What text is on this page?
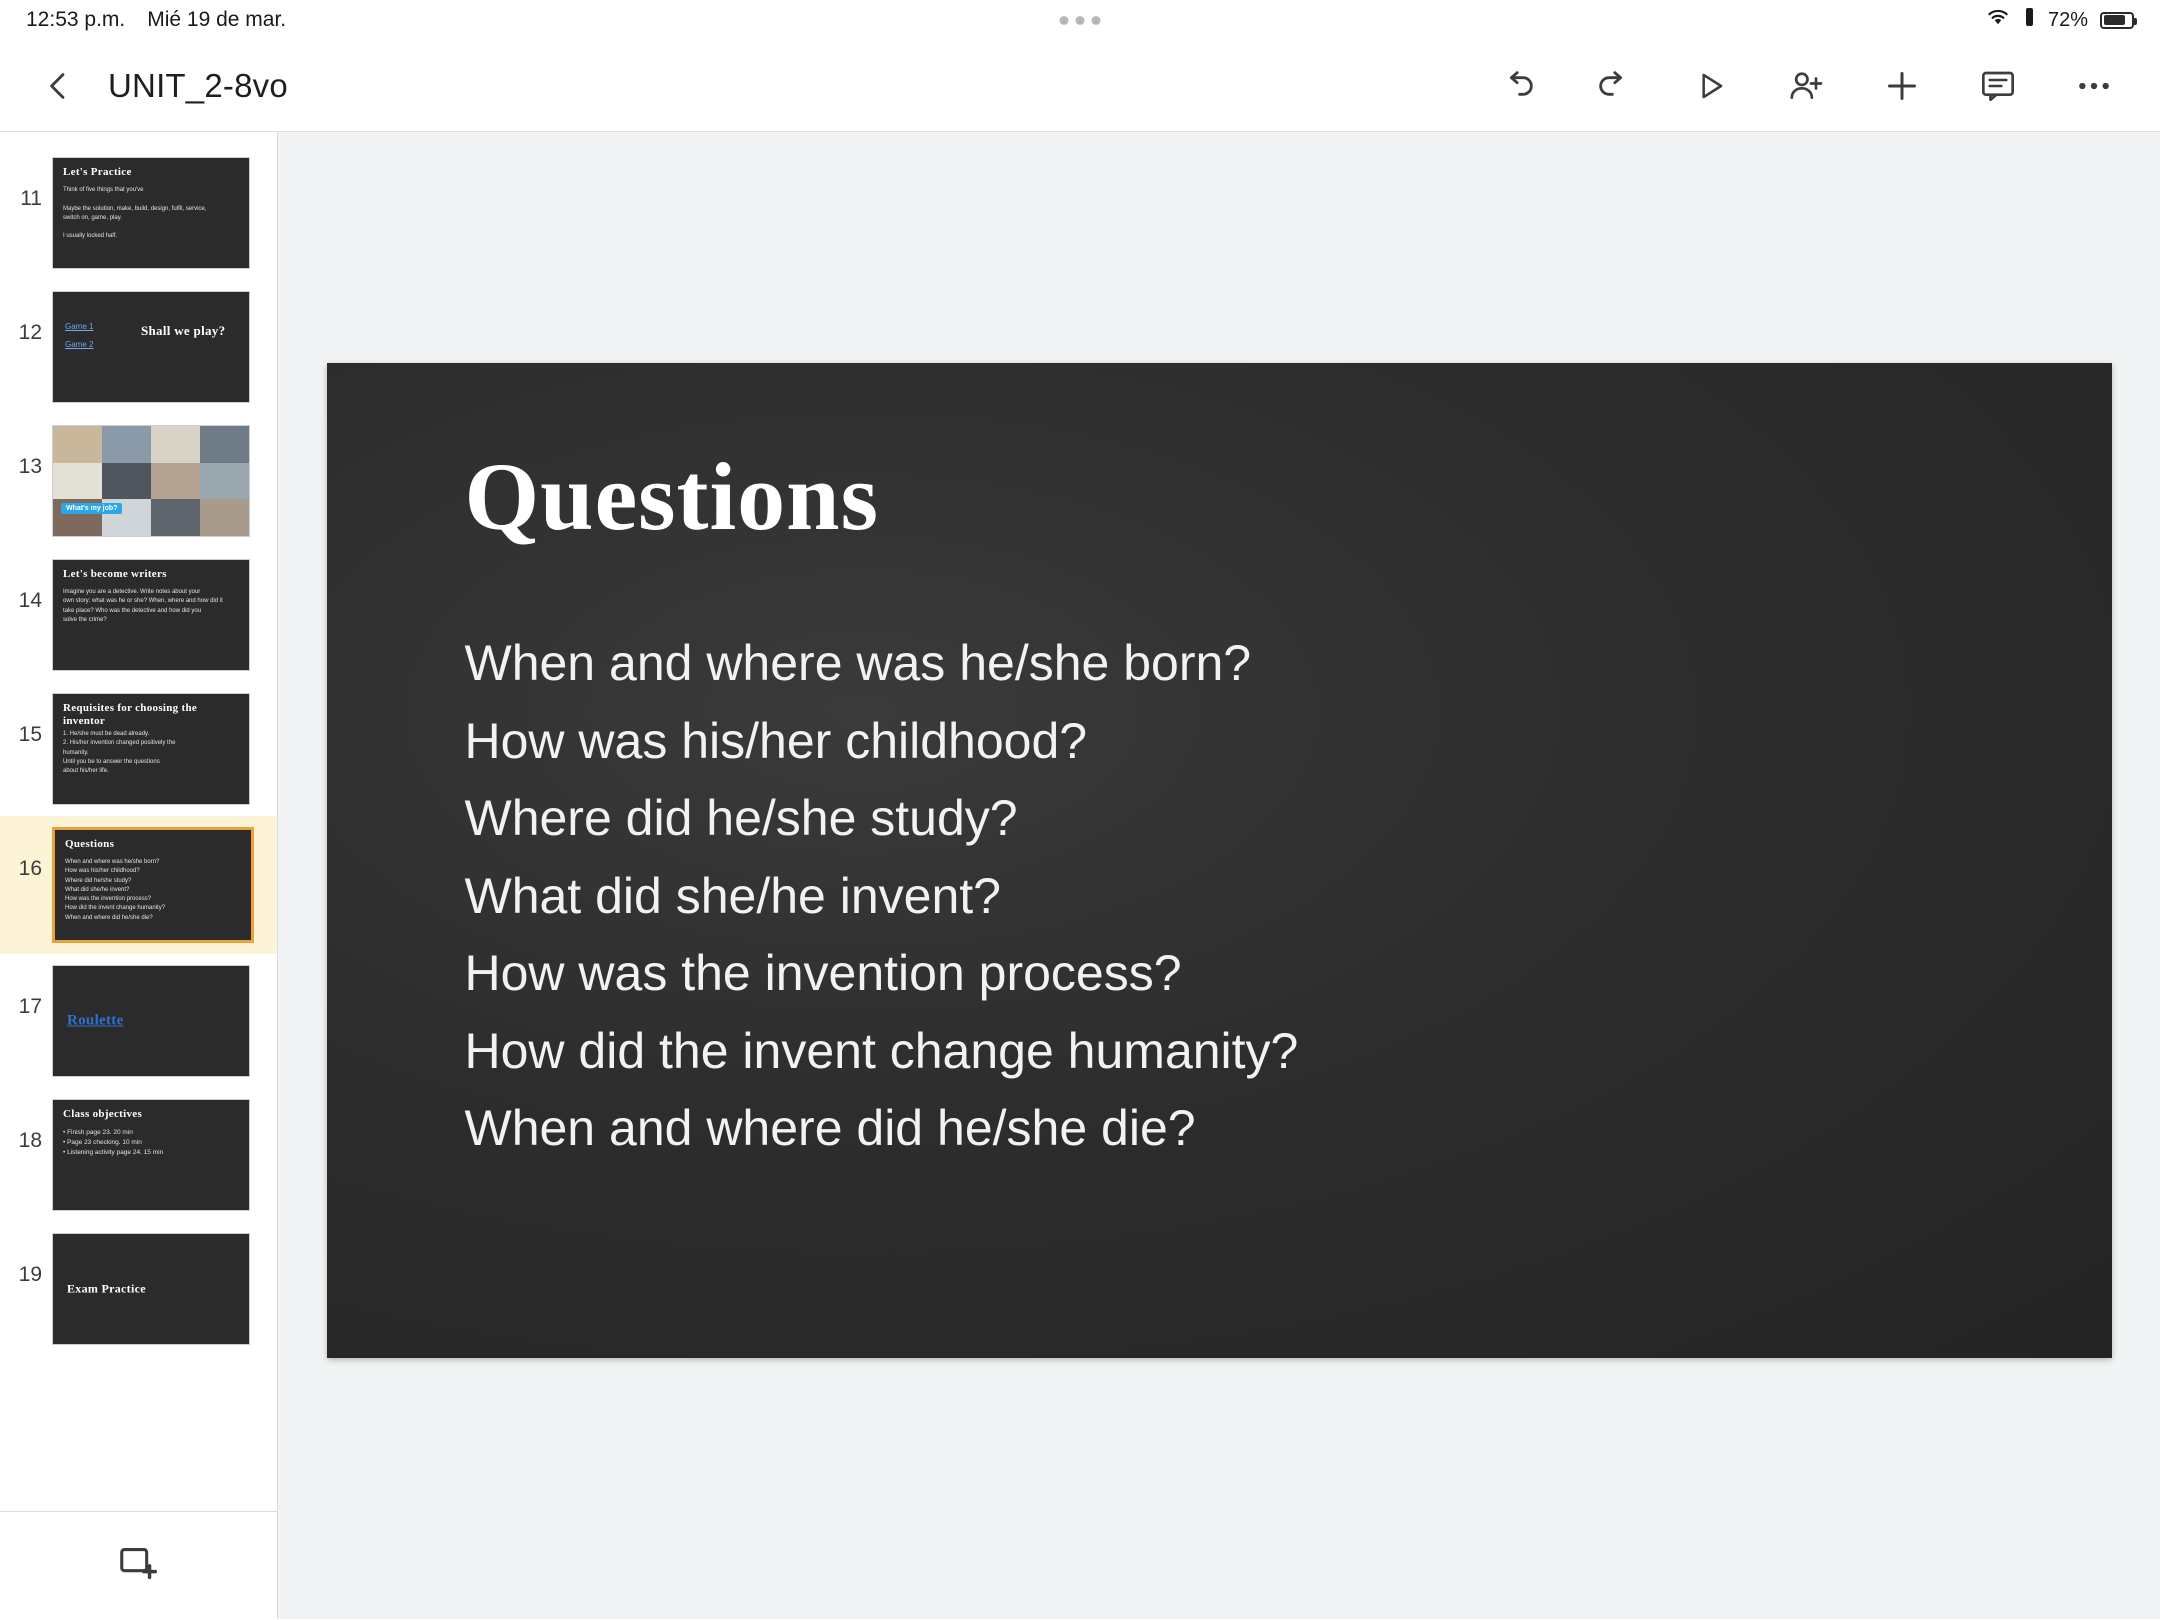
12:53 p.m. Mié 19 de mar.	72%
UNIT_2-8vo
11
Let's Practice
Think of five things that you've

Maybe the solution, make, build, design, fulfil, service,
switch on, game, play.

I usually locked half.
12	Game 1
Game 2
Shall we play?
13
What's my job?
14
Let's become writers
Imagine you are a detective. Write notes about your
own story: what was he or she? When, where and how did it
take place? Who was the detective and how did you
solve the crime?
15
Requisites for choosing the inventor
1. He/she must be dead already.
2. His/her invention changed positively the
humanity.
Until you be to answer the questions
about his/her life.
16
Questions
When and where was he/she born?
How was his/her childhood?
Where did he/she study?
What did she/he invent?
How was the invention process?
How did the invent change humanity?
When and where did he/she die?
17
Roulette
18
Class objectives
• Finish page 23. 20 min
• Page 23 checking. 10 min
• Listening activity page 24. 15 min
19
Exam Practice
Questions

When and where was he/she born?

How was his/her childhood?

Where did he/she study?

What did she/he invent?

How was the invention process?

How did the invent change humanity?

When and where did he/she die?
